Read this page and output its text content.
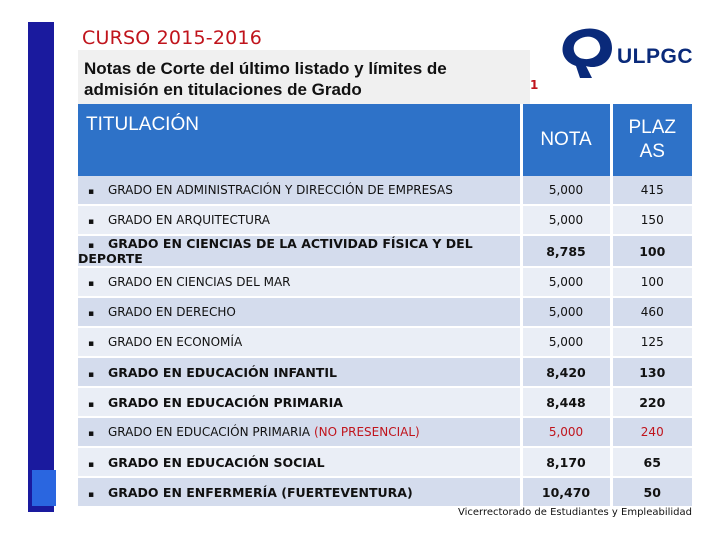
CURSO 2015-2016
Notas de Corte del último listado y límites de
admisión en titulaciones de Grado	1
ULPGC
TITULACIÓN	NOTA	PLAZ
AS
▪ GRADO EN ADMINISTRACIÓN Y DIRECCIÓN DE EMPRESAS	5,000	415
▪ GRADO EN ARQUITECTURA	5,000	150
▪ GRADO EN CIENCIAS DE LA ACTIVIDAD FÍSICA Y DEL DEPORTE	8,785	100
▪ GRADO EN CIENCIAS DEL MAR	5,000	100
▪ GRADO EN DERECHO	5,000	460
▪ GRADO EN ECONOMÍA	5,000	125
▪ GRADO EN EDUCACIÓN INFANTIL	8,420	130
▪ GRADO EN EDUCACIÓN PRIMARIA	8,448	220
▪ GRADO EN EDUCACIÓN PRIMARIA (NO PRESENCIAL)	5,000	240
▪ GRADO EN EDUCACIÓN SOCIAL	8,170	65
▪ GRADO EN ENFERMERÍA (FUERTEVENTURA)	10,470	50
Vicerrectorado de Estudiantes y Empleabilidad
